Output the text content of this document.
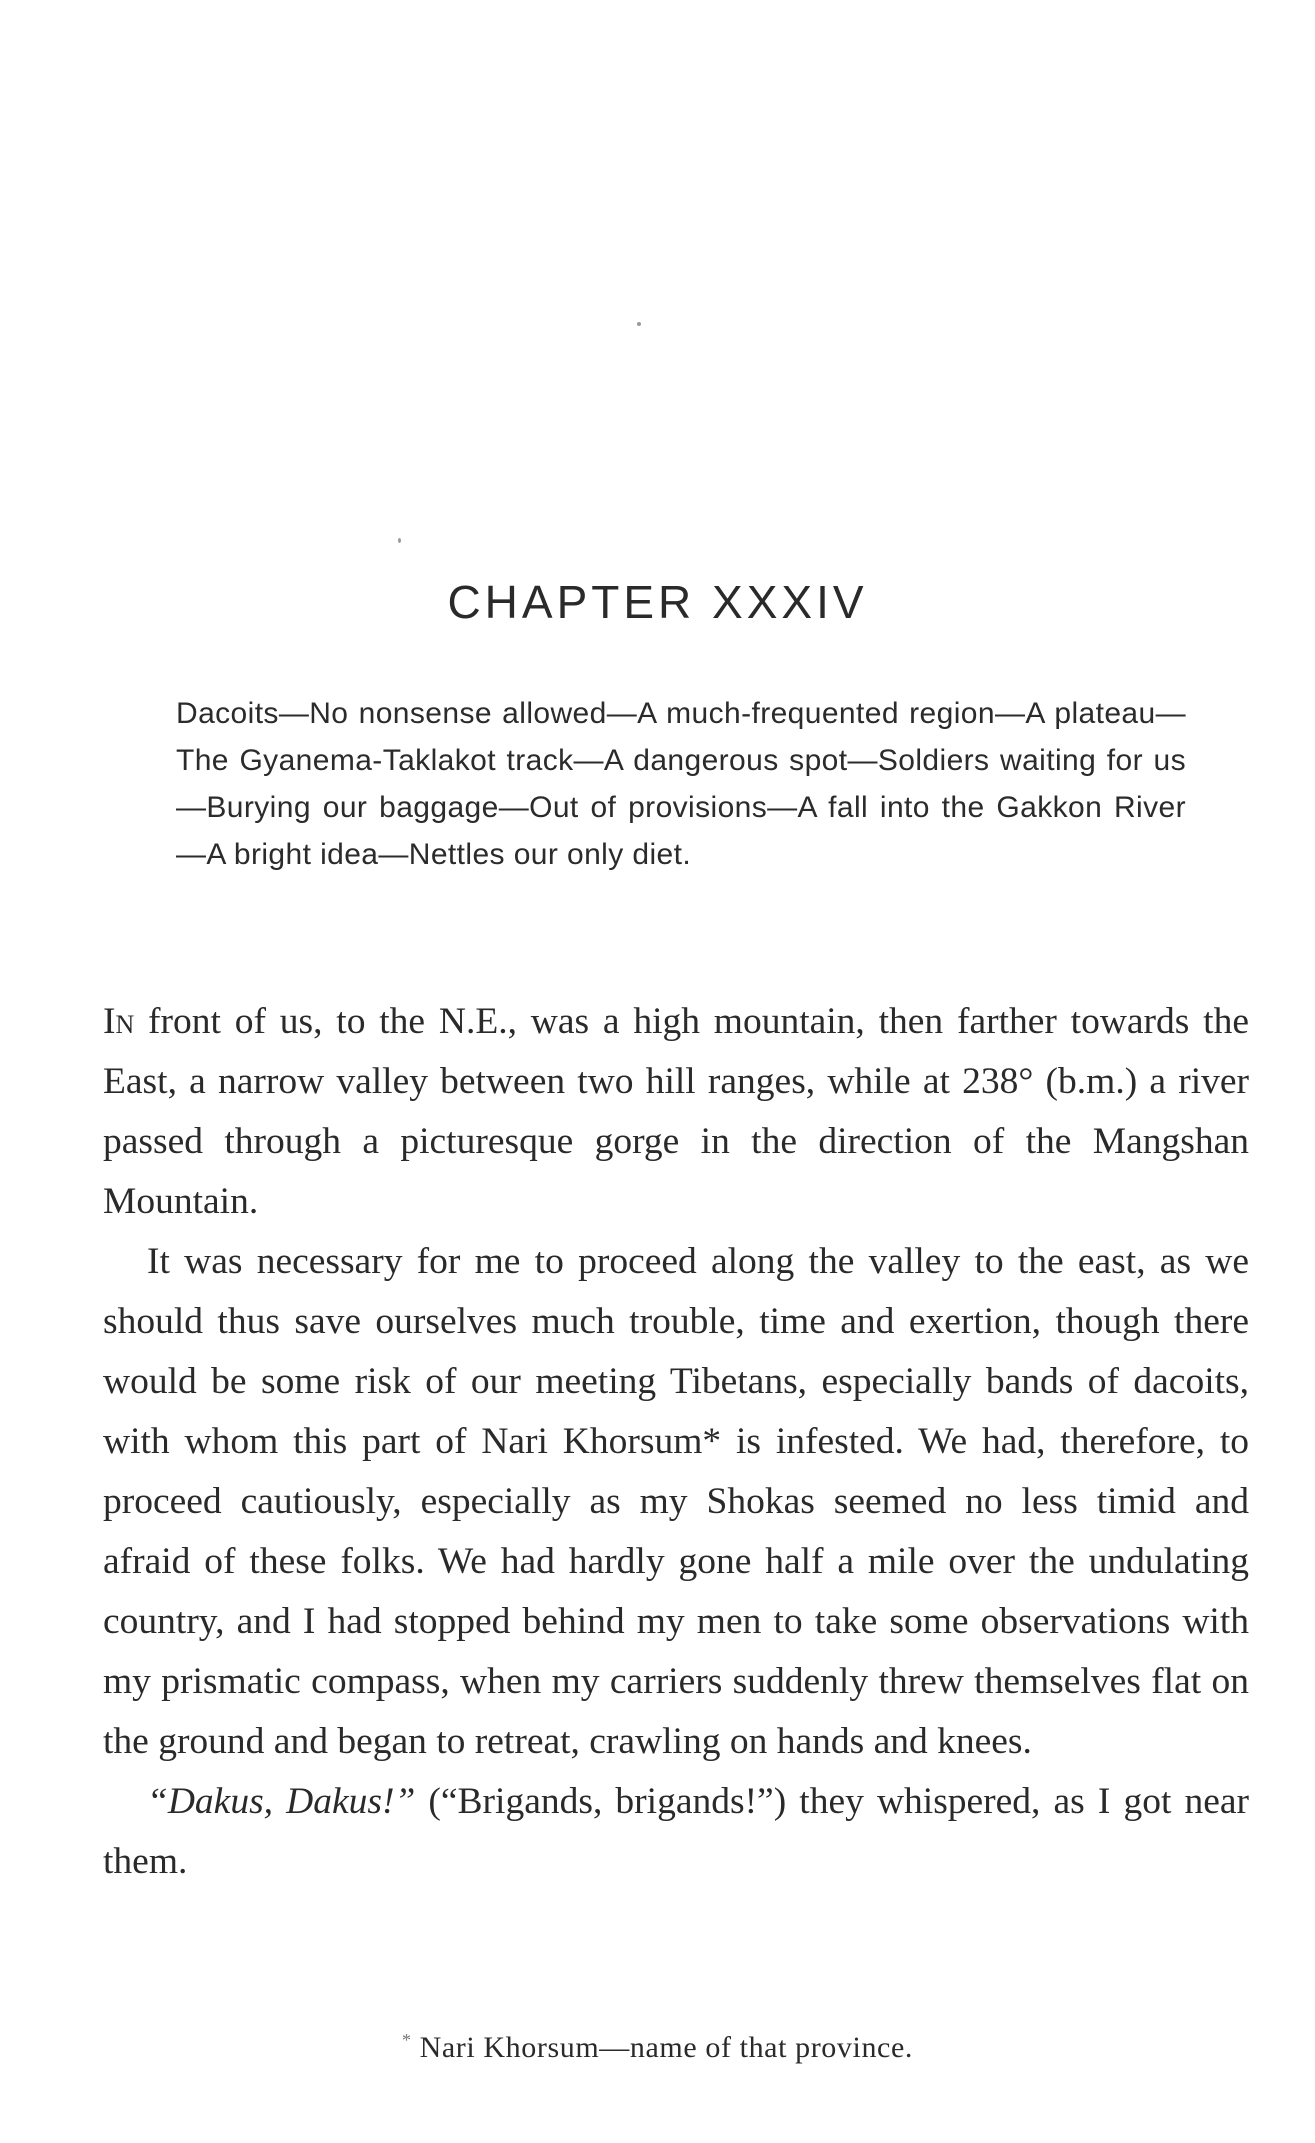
CHAPTER XXXIV

Dacoits—No nonsense allowed—A much-frequented region—A plateau—The Gyanema-Taklakot track—A dangerous spot—Soldiers waiting for us—Burying our baggage—Out of provisions—A fall into the Gakkon River—A bright idea—Nettles our only diet.

In front of us, to the N.E., was a high mountain, then farther towards the East, a narrow valley between two hill ranges, while at 238° (b.m.) a river passed through a picturesque gorge in the direction of the Mangshan Mountain.

It was necessary for me to proceed along the valley to the east, as we should thus save ourselves much trouble, time and exertion, though there would be some risk of our meeting Tibetans, especially bands of dacoits, with whom this part of Nari Khorsum* is infested. We had, therefore, to proceed cautiously, especially as my Shokas seemed no less timid and afraid of these folks. We had hardly gone half a mile over the undulating country, and I had stopped behind my men to take some observations with my prismatic compass, when my carriers suddenly threw themselves flat on the ground and began to retreat, crawling on hands and knees.

“Dakus, Dakus!” (“Brigands, brigands!”) they whispered, as I got near them.

* Nari Khorsum—name of that province.
